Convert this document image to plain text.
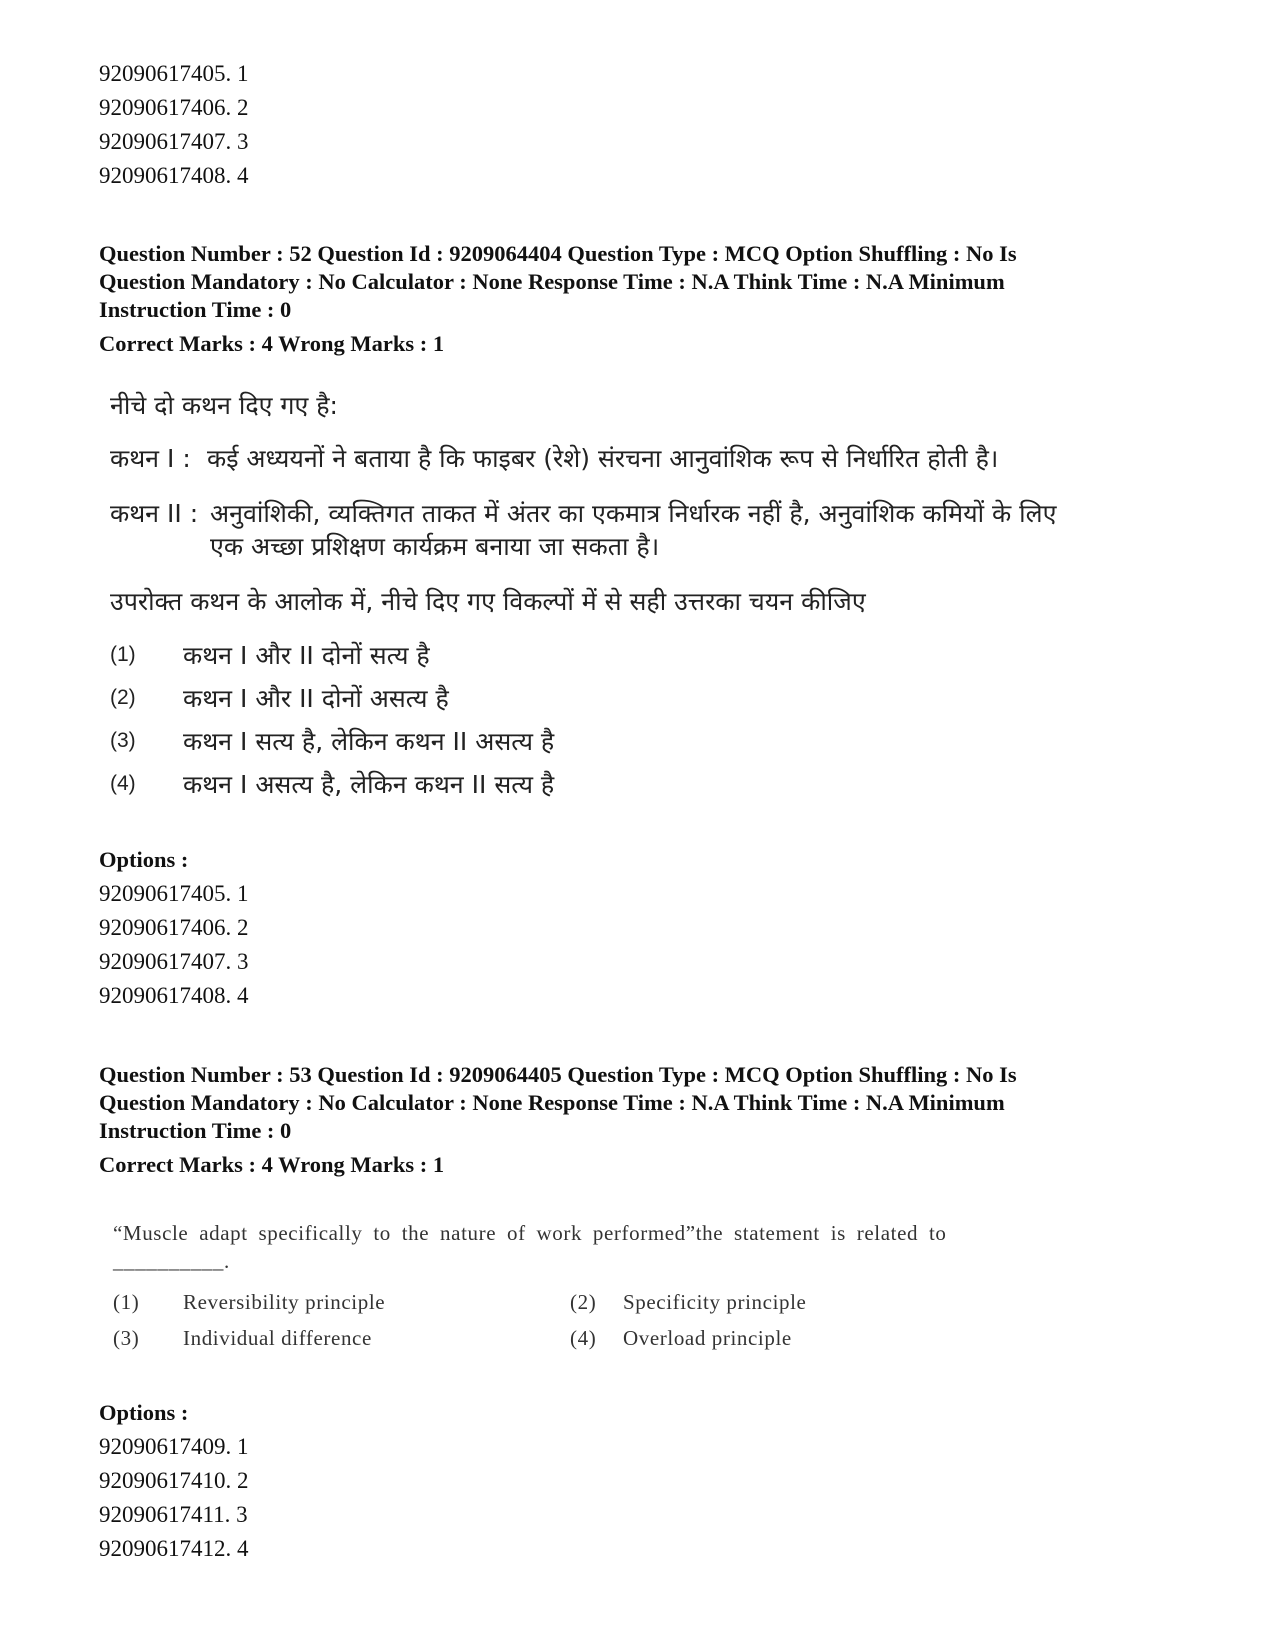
92090617405. 1
92090617406. 2
92090617407. 3
92090617408. 4
Question Number : 52 Question Id : 9209064404 Question Type : MCQ Option Shuffling : No Is
Question Mandatory : No Calculator : None Response Time : N.A Think Time : N.A Minimum
Instruction Time : 0
Correct Marks : 4 Wrong Marks : 1
नीचे दो कथन दिए गए है:
कथन I : कई अध्ययनों ने बताया है कि फाइबर (रेशे) संरचना आनुवांशिक रूप से निर्धारित होती है।
कथन II : अनुवांशिकी, व्यक्तिगत ताकत में अंतर का एकमात्र निर्धारक नहीं है, अनुवांशिक कमियों के लिए
एक अच्छा प्रशिक्षण कार्यक्रम बनाया जा सकता है।
उपरोक्त कथन के आलोक में, नीचे दिए गए विकल्पों में से सही उत्तरका चयन कीजिए
(1) कथन I और II दोनों सत्य है
(2) कथन I और II दोनों असत्य है
(3) कथन I सत्य है, लेकिन कथन II असत्य है
(4) कथन I असत्य है, लेकिन कथन II सत्य है
Options :
92090617405. 1
92090617406. 2
92090617407. 3
92090617408. 4
Question Number : 53 Question Id : 9209064405 Question Type : MCQ Option Shuffling : No Is
Question Mandatory : No Calculator : None Response Time : N.A Think Time : N.A Minimum
Instruction Time : 0
Correct Marks : 4 Wrong Marks : 1
“Muscle adapt specifically to the nature of work performed”the statement is related to
__________.
(1) Reversibility principle	(2) Specificity principle
(3) Individual difference	(4) Overload principle
Options :
92090617409. 1
92090617410. 2
92090617411. 3
92090617412. 4
